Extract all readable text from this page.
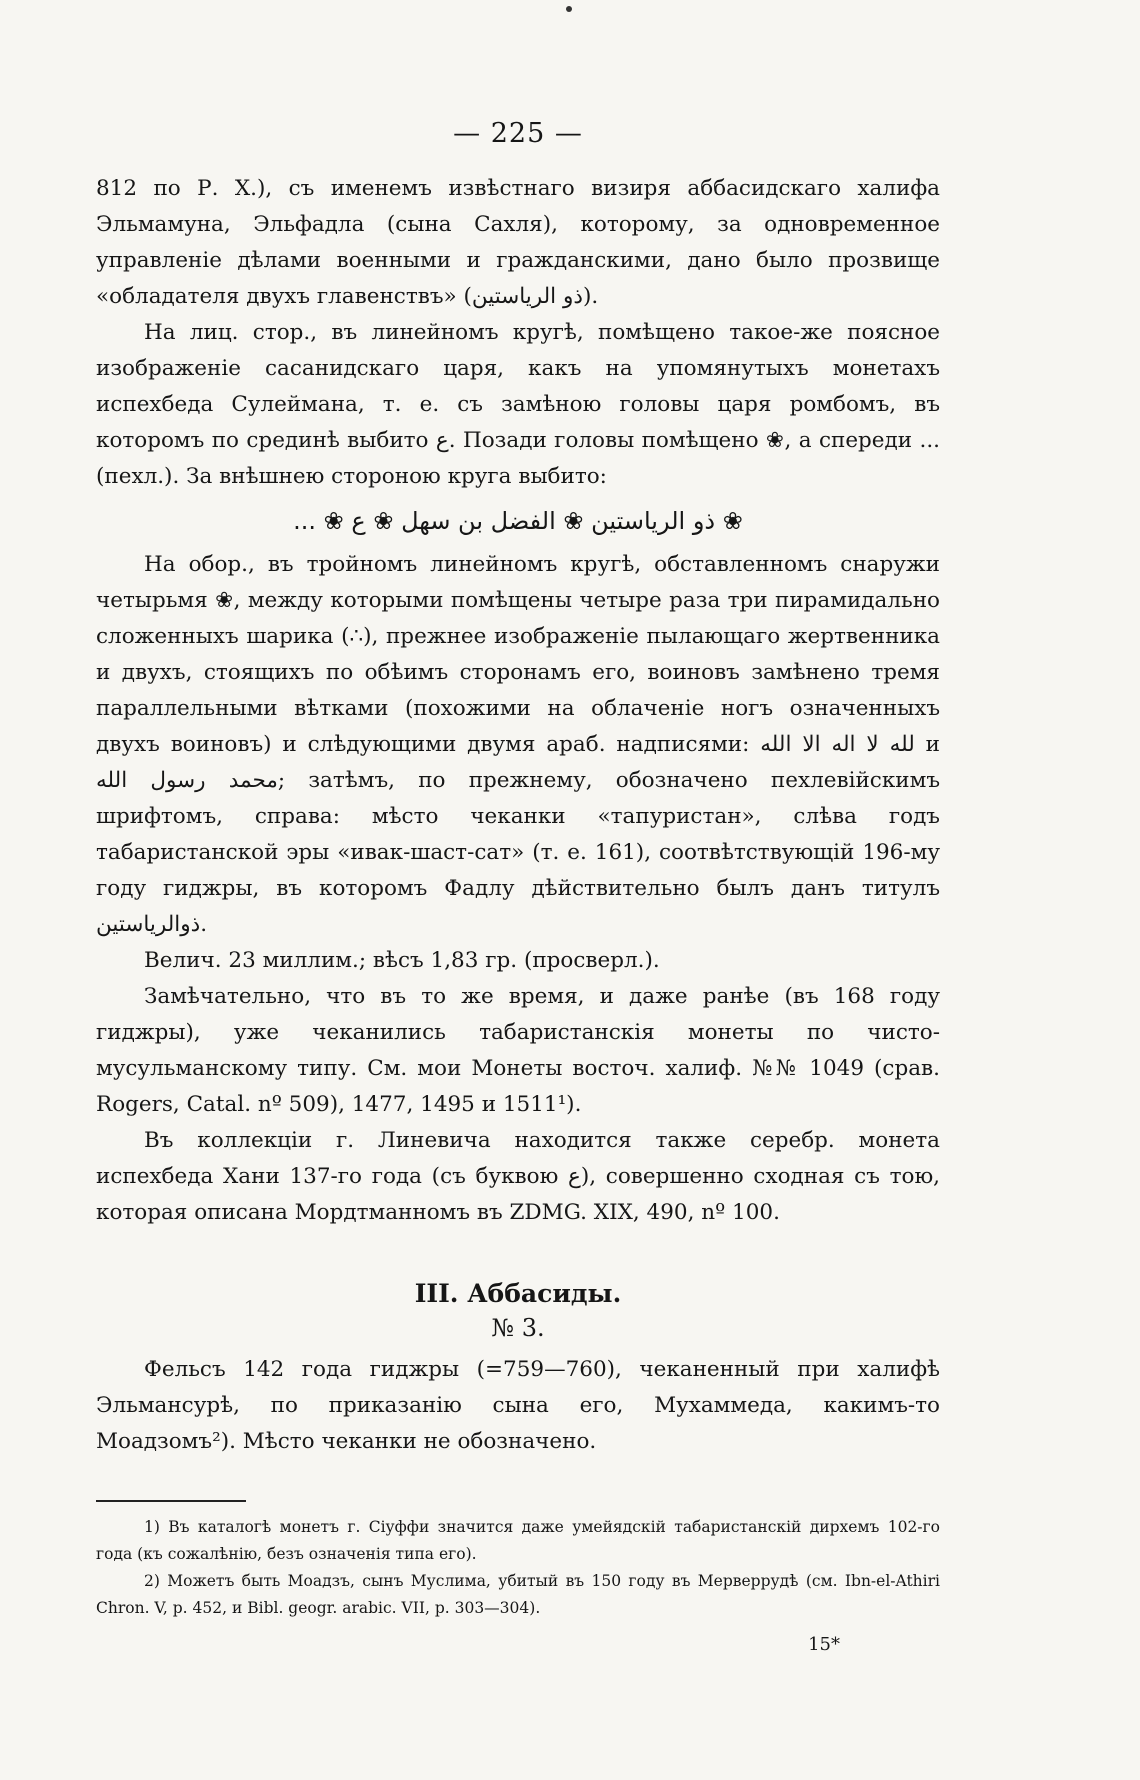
— 225 —

812 по Р. Х.), съ именемъ извѣстнаго визиря аббасидскаго халифа Эльмамуна, Эльфадла (сына Сахля), которому, за одновременное управленіе дѣлами военными и гражданскими, дано было прозвище «обладателя двухъ главенствъ» (ذو الرياستين).

На лиц. стор., въ линейномъ кругѣ, помѣщено такое-же поясное изображеніе сасанидскаго царя, какъ на упомянутыхъ монетахъ испехбеда Сулеймана, т. е. съ замѣною головы царя ромбомъ, въ которомъ по срединѣ выбито ع. Позади головы помѣщено ❀, а спереди ...(пехл.). За внѣшнею стороною круга выбито:

❀ ذو الرياستين ❀ الفضل بن سهل ❀ ع ❀ ...

На обор., въ тройномъ линейномъ кругѣ, обставленномъ снаружи четырьмя ❀, между которыми помѣщены четыре раза три пирамидально сложенныхъ шарика (∴), прежнее изображеніе пылающаго жертвенника и двухъ, стоящихъ по обѣимъ сторонамъ его, воиновъ замѣнено тремя параллельными вѣтками (похожими на облаченіе ногъ означенныхъ двухъ воиновъ) и слѣдующими двумя араб. надписями: لله لا اله الا الله и محمد رسول الله; затѣмъ, по прежнему, обозначено пехлевійскимъ шрифтомъ, справа: мѣсто чеканки «тапуристан», слѣва годъ табаристанской эры «ивак-шаст-сат» (т. е. 161), соотвѣтствующій 196-му году гиджры, въ которомъ Фадлу дѣйствительно былъ данъ титулъ ذوالرياستين.

Велич. 23 миллим.; вѣсъ 1,83 гр. (просверл.).

Замѣчательно, что въ то же время, и даже ранѣе (въ 168 году гиджры), уже чеканились табаристанскія монеты по чисто-мусульманскому типу. См. мои Монеты восточ. халиф. №№ 1049 (срав. Rogers, Catal. nº 509), 1477, 1495 и 1511¹).

Въ коллекціи г. Линевича находится также серебр. монета испехбеда Хани 137-го года (съ буквою ع), совершенно сходная съ тою, которая описана Мордтманномъ въ ZDMG. XIX, 490, nº 100.

III. Аббасиды.
№ 3.

Фельсъ 142 года гиджры (=759—760), чеканенный при халифѣ Эльмансурѣ, по приказанію сына его, Мухаммеда, какимъ-то Моадзомъ²). Мѣсто чеканки не обозначено.

1) Въ каталогѣ монетъ г. Сіуффи значится даже умейядскій табаристанскій дирхемъ 102-го года (къ сожалѣнію, безъ означенія типа его).
2) Можетъ быть Моадзъ, сынъ Муслима, убитый въ 150 году въ Мерверрудѣ (см. Ibn-el-Athiri Chron. V, p. 452, и Bibl. geogr. arabic. VII, p. 303—304).
15*
